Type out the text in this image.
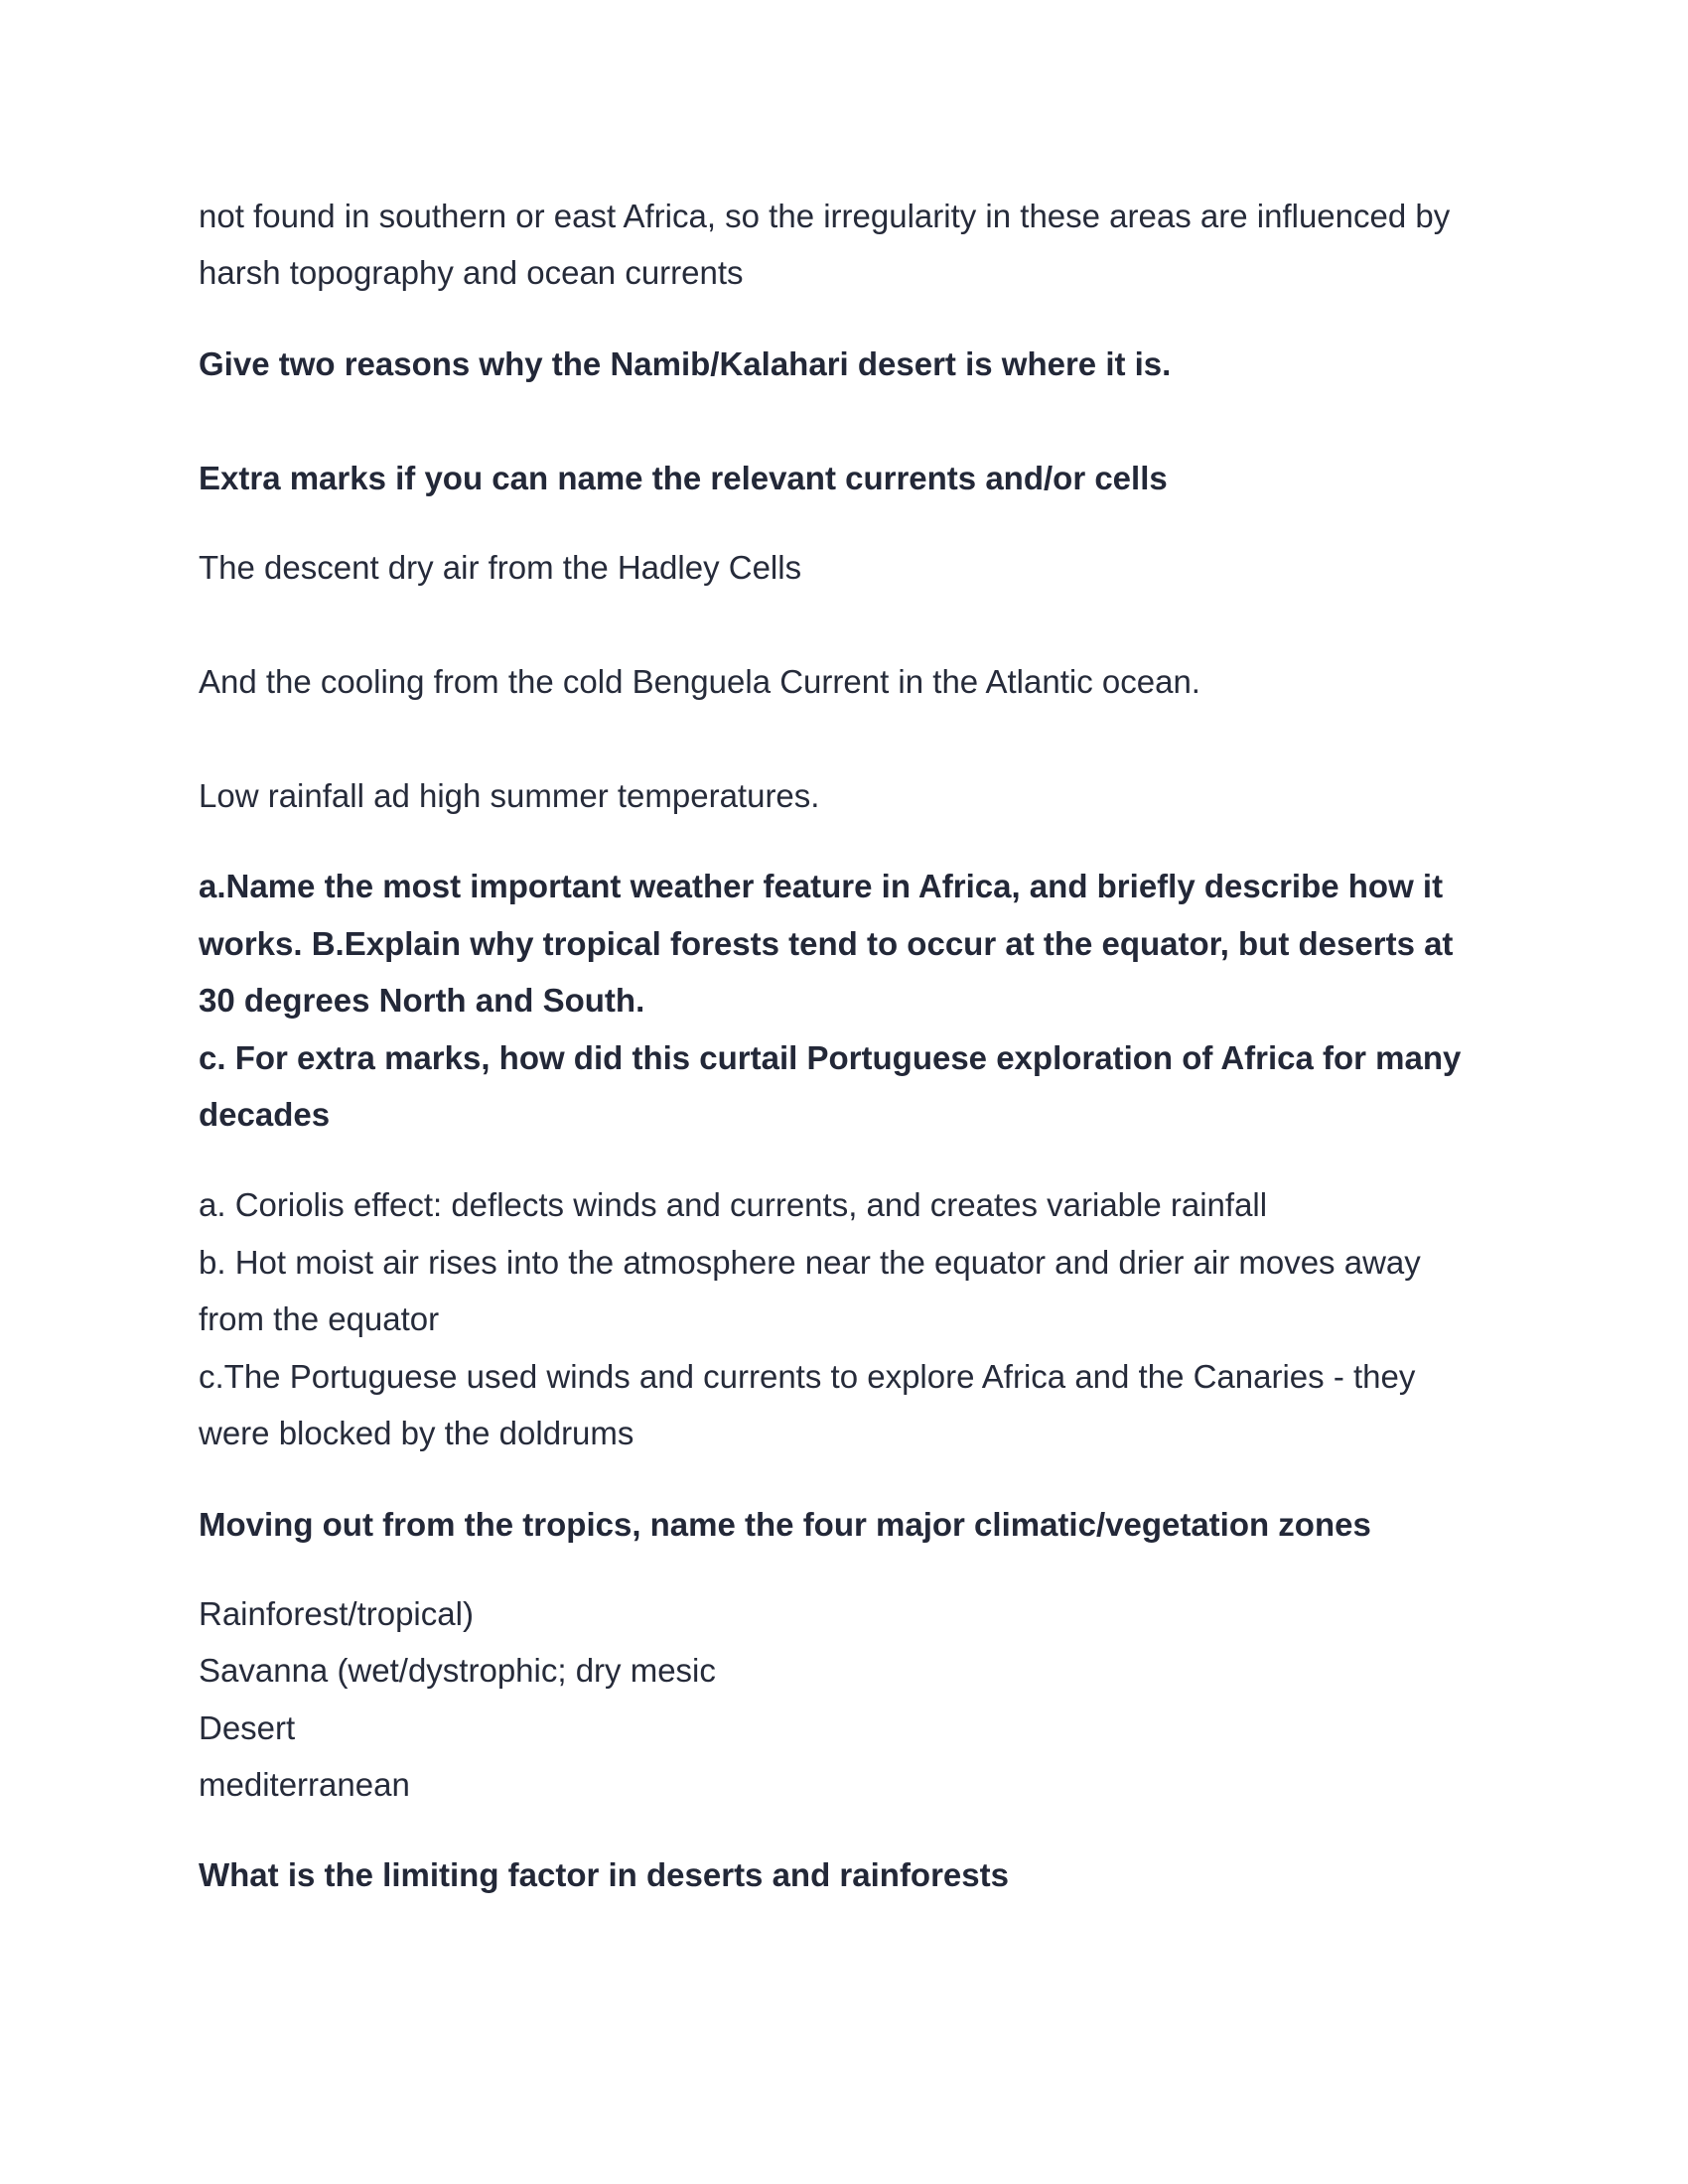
not found in southern or east Africa, so the irregularity in these areas are influenced by
harsh topography and ocean currents
Give two reasons why the Namib/Kalahari desert is where it is.
Extra marks if you can name the relevant currents and/or cells
The descent dry air from the Hadley Cells
And the cooling from the cold Benguela Current in the Atlantic ocean.
Low rainfall ad high summer temperatures.
a.Name the most important weather feature in Africa, and briefly describe how it
works. B.Explain why tropical forests tend to occur at the equator, but deserts at
30 degrees North and South.
c. For extra marks, how did this curtail Portuguese exploration of Africa for many
decades
a. Coriolis effect: deflects winds and currents, and creates variable rainfall
b. Hot moist air rises into the atmosphere near the equator and drier air moves away
from the equator
c.The Portuguese used winds and currents to explore Africa and the Canaries - they
were blocked by the doldrums
Moving out from the tropics, name the four major climatic/vegetation zones
Rainforest/tropical)
Savanna (wet/dystrophic; dry mesic
Desert
mediterranean
What is the limiting factor in deserts and rainforests
